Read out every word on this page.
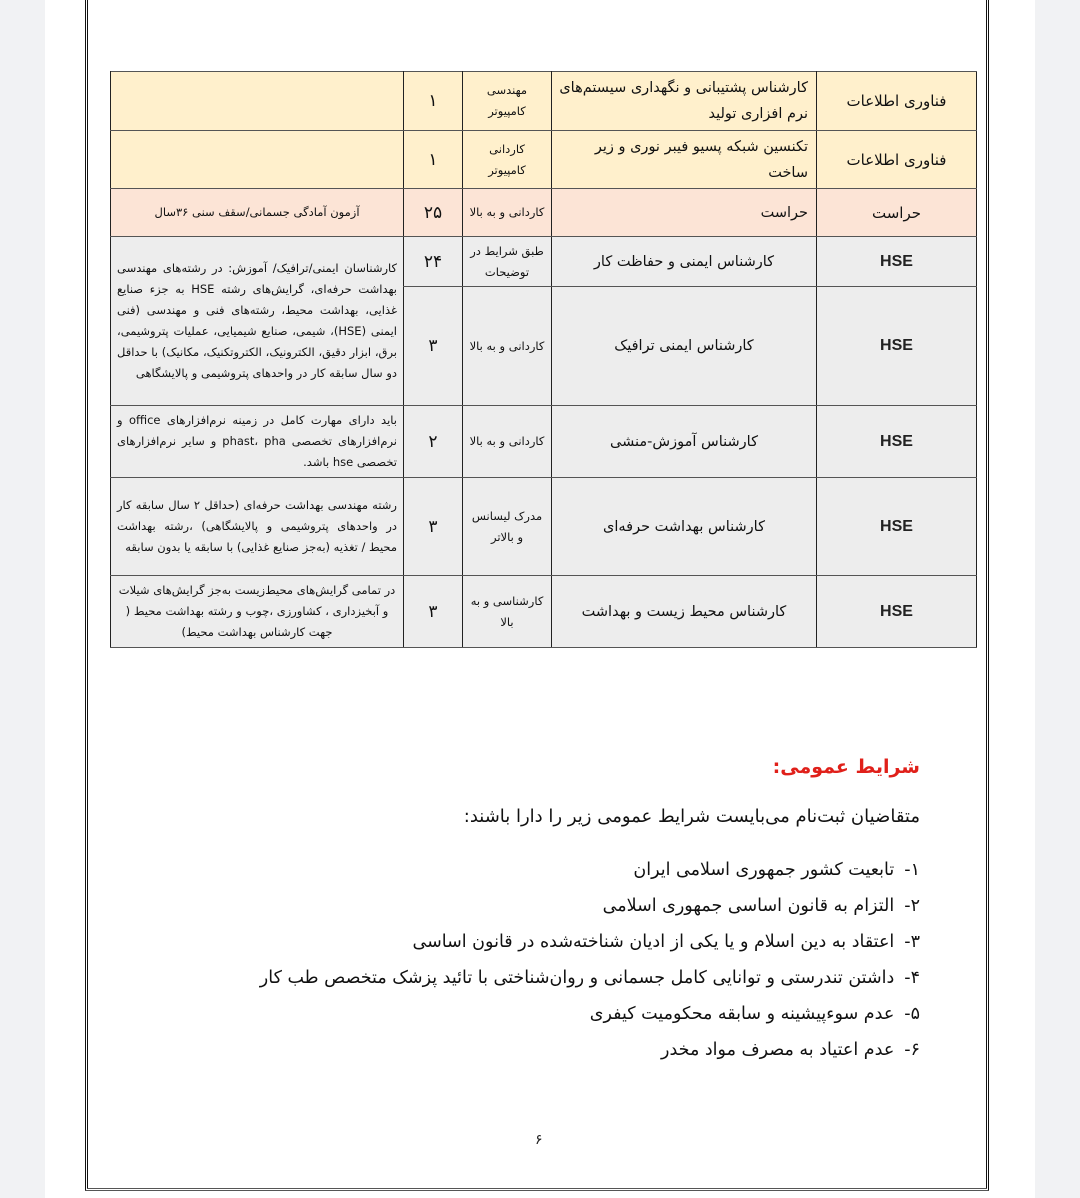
فناوری اطلاعات	کارشناس پشتیبانی و نگهداری سیستم‌های نرم افزاری تولید	مهندسی کامپیوتر	۱	
فناوری اطلاعات	تکنسین شبکه پسیو فیبر نوری و زیر ساخت	کاردانی کامپیوتر	۱	
حراست	حراست	کاردانی و به بالا	۲۵	آزمون آمادگی جسمانی/سقف سنی ۳۶سال
HSE	کارشناس ایمنی و حفاظت کار	طبق شرایط در توضیحات	۲۴	کارشناسان ایمنی/ترافیک/ آموزش: در رشته‌های مهندسی بهداشت حرفه‌ای، گرایش‌های رشته HSE به جزء صنایع غذایی، بهداشت محیط، رشته‌های فنی و مهندسی (فنی ایمنی (HSE)، شیمی، صنایع شیمیایی، عملیات پتروشیمی، برق، ابزار دقیق، الکترونیک، الکتروتکنیک، مکانیک) با حداقل دو سال سابقه کار در واحدهای پتروشیمی و پالایشگاهی
HSE	کارشناس ایمنی ترافیک	کاردانی و به بالا	۳	
HSE	کارشناس آموزش-منشی	کاردانی و به بالا	۲	باید دارای مهارت کامل در زمینه نرم‌افزارهای office و نرم‌افزارهای تخصصی phast، pha و سایر نرم‌افزارهای تخصصی hse باشد.
HSE	کارشناس بهداشت حرفه‌ای	مدرک لیسانس و بالاتر	۳	رشته مهندسی بهداشت حرفه‌ای (حداقل ۲ سال سابقه کار در واحدهای پتروشیمی و پالایشگاهی) ،رشته بهداشت محیط / تغذیه (به‌جز صنایع غذایی) با سابقه یا بدون سابقه
HSE	کارشناس محیط زیست و بهداشت	کارشناسی و به بالا	۳	در تمامی گرایش‌های محیط‌زیست به‌جز گرایش‌های شیلات و آبخیزداری ، کشاورزی ،چوب و رشته بهداشت محیط ( جهت کارشناس بهداشت محیط)
شرایط عمومی:
متقاضیان ثبت‌نام می‌بایست شرایط عمومی زیر را دارا باشند:
۱-تابعیت کشور جمهوری اسلامی ایران
۲-التزام به قانون اساسی جمهوری اسلامی
۳-اعتقاد به دین اسلام و یا یکی از ادیان شناخته‌شده در قانون اساسی
۴-داشتن تندرستی و توانایی کامل جسمانی و روان‌شناختی با تائید پزشک متخصص طب کار
۵-عدم سوءپیشینه و سابقه محکومیت کیفری
۶-عدم اعتیاد به مصرف مواد مخدر
۶
